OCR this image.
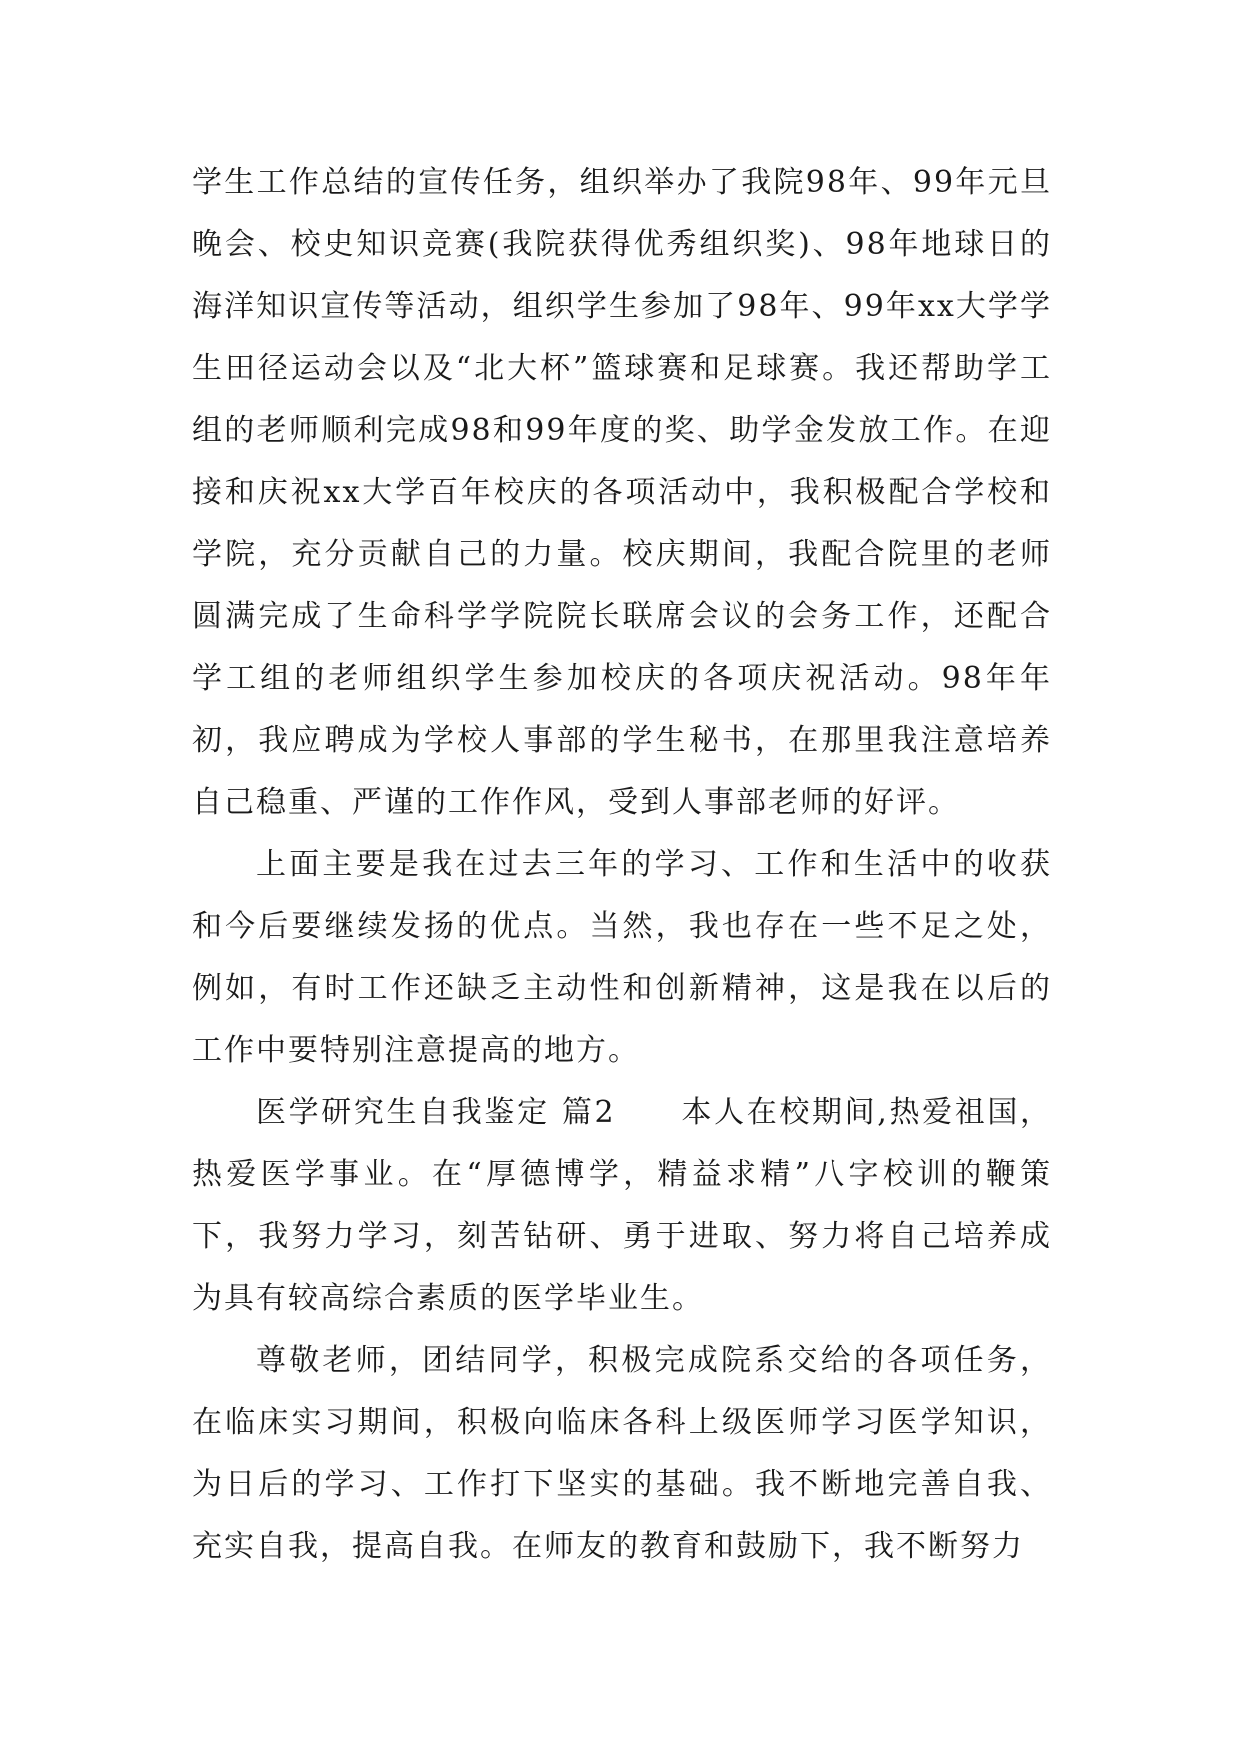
学生工作总结的宣传任务，组织举办了我院98年、99年元旦晚会、校史知识竞赛(我院获得优秀组织奖)、98年地球日的海洋知识宣传等活动，组织学生参加了98年、99年xx大学学生田径运动会以及“北大杯”篮球赛和足球赛。我还帮助学工组的老师顺利完成98和99年度的奖、助学金发放工作。在迎接和庆祝xx大学百年校庆的各项活动中，我积极配合学校和学院，充分贡献自己的力量。校庆期间，我配合院里的老师圆满完成了生命科学学院院长联席会议的会务工作，还配合学工组的老师组织学生参加校庆的各项庆祝活动。98年年初，我应聘成为学校人事部的学生秘书，在那里我注意培养自己稳重、严谨的工作作风，受到人事部老师的好评。

上面主要是我在过去三年的学习、工作和生活中的收获和今后要继续发扬的优点。当然，我也存在一些不足之处，例如，有时工作还缺乏主动性和创新精神，这是我在以后的工作中要特别注意提高的地方。

医学研究生自我鉴定 篇2　　本人在校期间,热爱祖国，热爱医学事业。在“厚德博学，精益求精”八字校训的鞭策下，我努力学习，刻苦钻研、勇于进取、努力将自己培养成为具有较高综合素质的医学毕业生。

尊敬老师，团结同学，积极完成院系交给的各项任务，在临床实习期间，积极向临床各科上级医师学习医学知识，为日后的学习、工作打下坚实的基础。我不断地完善自我、充实自我，提高自我。在师友的教育和鼓励下，我不断努力
